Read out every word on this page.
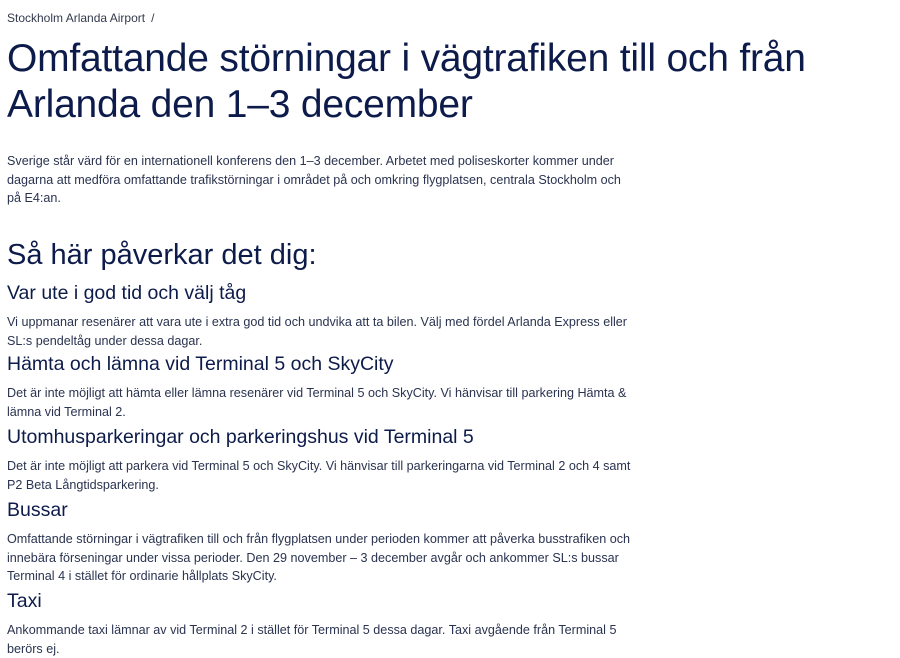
Stockholm Arlanda Airport /
Omfattande störningar i vägtrafiken till och från Arlanda den 1–3 december

Sverige står värd för en internationell konferens den 1–3 december. Arbetet med poliseskorter kommer under dagarna att medföra omfattande trafikstörningar i området på och omkring flygplatsen, centrala Stockholm och på E4:an.

Så här påverkar det dig:
Var ute i god tid och välj tåg

Vi uppmanar resenärer att vara ute i extra god tid och undvika att ta bilen. Välj med fördel Arlanda Express eller SL:s pendeltåg under dessa dagar.

Hämta och lämna vid Terminal 5 och SkyCity

Det är inte möjligt att hämta eller lämna resenärer vid Terminal 5 och SkyCity. Vi hänvisar till parkering Hämta & lämna vid Terminal 2.

Utomhusparkeringar och parkeringshus vid Terminal 5

Det är inte möjligt att parkera vid Terminal 5 och SkyCity. Vi hänvisar till parkeringarna vid Terminal 2 och 4 samt P2 Beta Långtidsparkering.

Bussar

Omfattande störningar i vägtrafiken till och från flygplatsen under perioden kommer att påverka busstrafiken och innebära förseningar under vissa perioder. Den 29 november – 3 december avgår och ankommer SL:s bussar Terminal 4 i stället för ordinarie hållplats SkyCity.

Taxi

Ankommande taxi lämnar av vid Terminal 2 i stället för Terminal 5 dessa dagar. Taxi avgående från Terminal 5 berörs ej.
